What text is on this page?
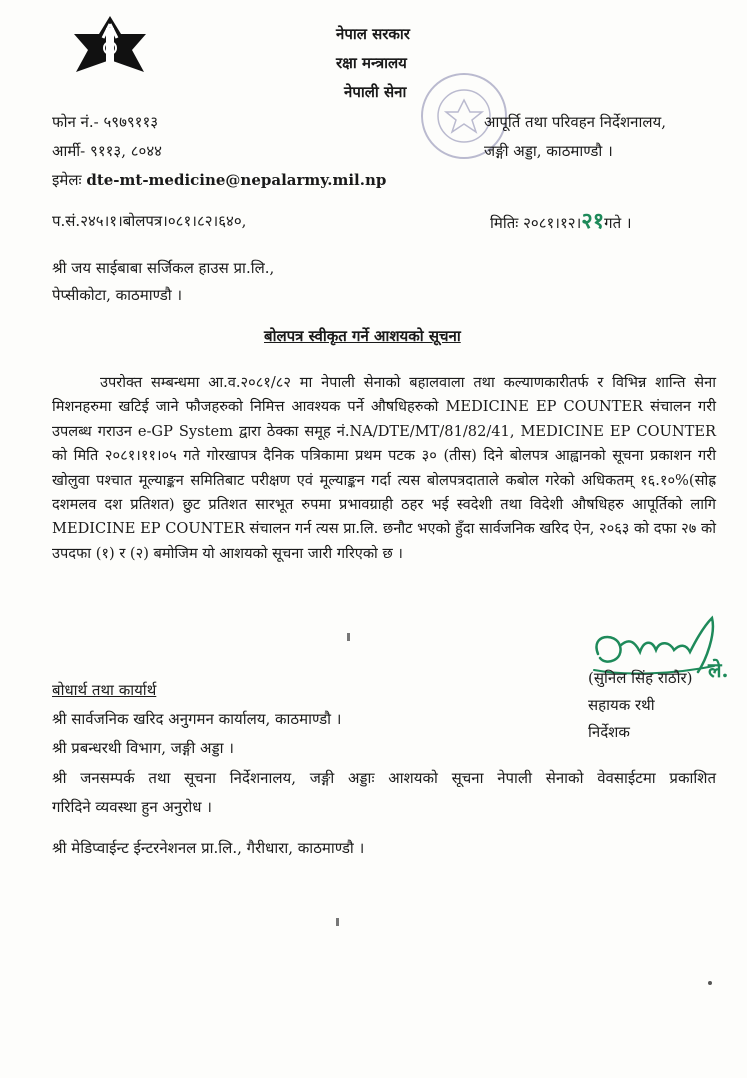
नेपाल सरकार
रक्षा मन्त्रालय
नेपाली सेना
फोन नं.- ५९७९११३
आर्मी- ९११३, ८०४४
इमेलः dte-mt-medicine@nepalarmy.mil.np
आपूर्ति तथा परिवहन निर्देशनालय,
जङ्गी अड्डा, काठमाण्डौ ।
प.सं.२४५।१।बोलपत्र।०८१।८२।६४०,	मितिः २०८१।१२।२१गते ।
श्री जय साईबाबा सर्जिकल हाउस प्रा.लि.,
पेप्सीकोटा, काठमाण्डौ ।
बोलपत्र स्वीकृत गर्ने आशयको सूचना
उपरोक्त सम्बन्धमा आ.व.२०८१/८२ मा नेपाली सेनाको बहालवाला तथा कल्याणकारीतर्फ र विभिन्न शान्ति सेना मिशनहरुमा खटिई जाने फौजहरुको निमित्त आवश्यक पर्ने औषधिहरुको MEDICINE EP COUNTER संचालन गरी उपलब्ध गराउन e-GP System द्वारा ठेक्का समूह नं.NA/DTE/MT/81/82/41, MEDICINE EP COUNTER को मिति २०८१।११।०५ गते गोरखापत्र दैनिक पत्रिकामा प्रथम पटक ३० (तीस) दिने बोलपत्र आह्वानको सूचना प्रकाशन गरी खोलुवा पश्चात मूल्याङ्कन समितिबाट परीक्षण एवं मूल्याङ्कन गर्दा त्यस बोलपत्रदाताले कबोल गरेको अधिकतम् १६.१०%(सोह्र दशमलव दश प्रतिशत) छुट प्रतिशत सारभूत रुपमा प्रभावग्राही ठहर भई स्वदेशी तथा विदेशी औषधिहरु आपूर्तिको लागि MEDICINE EP COUNTER संचालन गर्न त्यस प्रा.लि. छनौट भएको हुँदा सार्वजनिक खरिद ऐन, २०६३ को दफा २७ को उपदफा (१) र (२) बमोजिम यो आशयको सूचना जारी गरिएको छ ।
ले.
(सुनिल सिंह राठौर)
सहायक रथी
निर्देशक
बोधार्थ तथा कार्यार्थ
श्री सार्वजनिक खरिद अनुगमन कार्यालय, काठमाण्डौ ।
श्री प्रबन्धरथी विभाग, जङ्गी अड्डा ।
श्री जनसम्पर्क तथा सूचना निर्देशनालय, जङ्गी अड्डाः आशयको सूचना नेपाली सेनाको वेवसाईटमा प्रकाशित
गरिदिने व्यवस्था हुन अनुरोध ।
श्री मेडिप्वाईन्ट ईन्टरनेशनल प्रा.लि., गैरीधारा, काठमाण्डौ ।
